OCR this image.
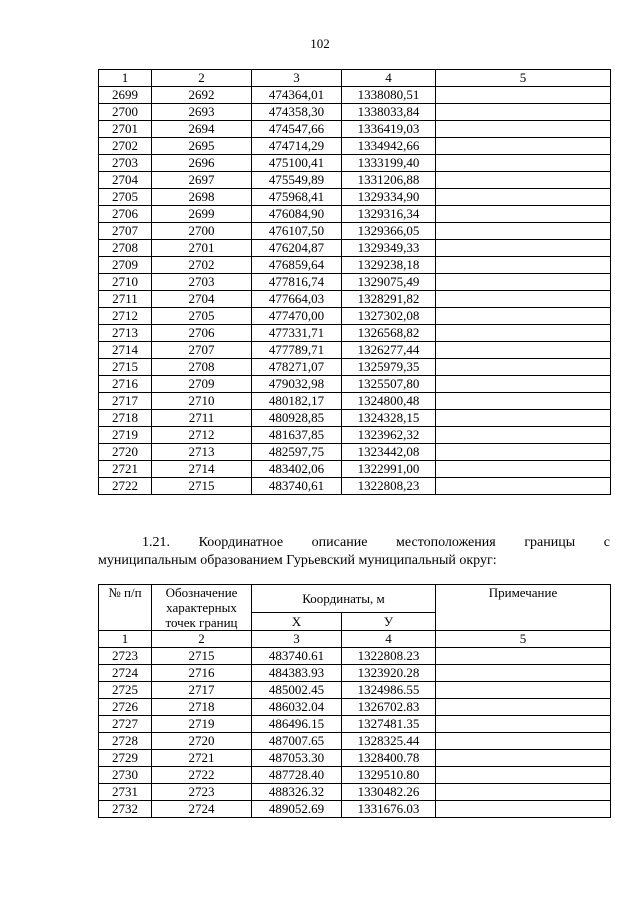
102
1	2	3	4	5
2699	2692	474364,01	1338080,51	
2700	2693	474358,30	1338033,84	
2701	2694	474547,66	1336419,03	
2702	2695	474714,29	1334942,66	
2703	2696	475100,41	1333199,40	
2704	2697	475549,89	1331206,88	
2705	2698	475968,41	1329334,90	
2706	2699	476084,90	1329316,34	
2707	2700	476107,50	1329366,05	
2708	2701	476204,87	1329349,33	
2709	2702	476859,64	1329238,18	
2710	2703	477816,74	1329075,49	
2711	2704	477664,03	1328291,82	
2712	2705	477470,00	1327302,08	
2713	2706	477331,71	1326568,82	
2714	2707	477789,71	1326277,44	
2715	2708	478271,07	1325979,35	
2716	2709	479032,98	1325507,80	
2717	2710	480182,17	1324800,48	
2718	2711	480928,85	1324328,15	
2719	2712	481637,85	1323962,32	
2720	2713	482597,75	1323442,08	
2721	2714	483402,06	1322991,00	
2722	2715	483740,61	1322808,23	
1.21. Координатное описание местоположения границы с
муниципальным образованием Гурьевский муниципальный округ:
№ п/п	Обозначение характерных точек границ	Координаты, м		Примечание
		X	У	
1	2	3	4	5
2723	2715	483740.61	1322808.23	
2724	2716	484383.93	1323920.28	
2725	2717	485002.45	1324986.55	
2726	2718	486032.04	1326702.83	
2727	2719	486496.15	1327481.35	
2728	2720	487007.65	1328325.44	
2729	2721	487053.30	1328400.78	
2730	2722	487728.40	1329510.80	
2731	2723	488326.32	1330482.26	
2732	2724	489052.69	1331676.03	
